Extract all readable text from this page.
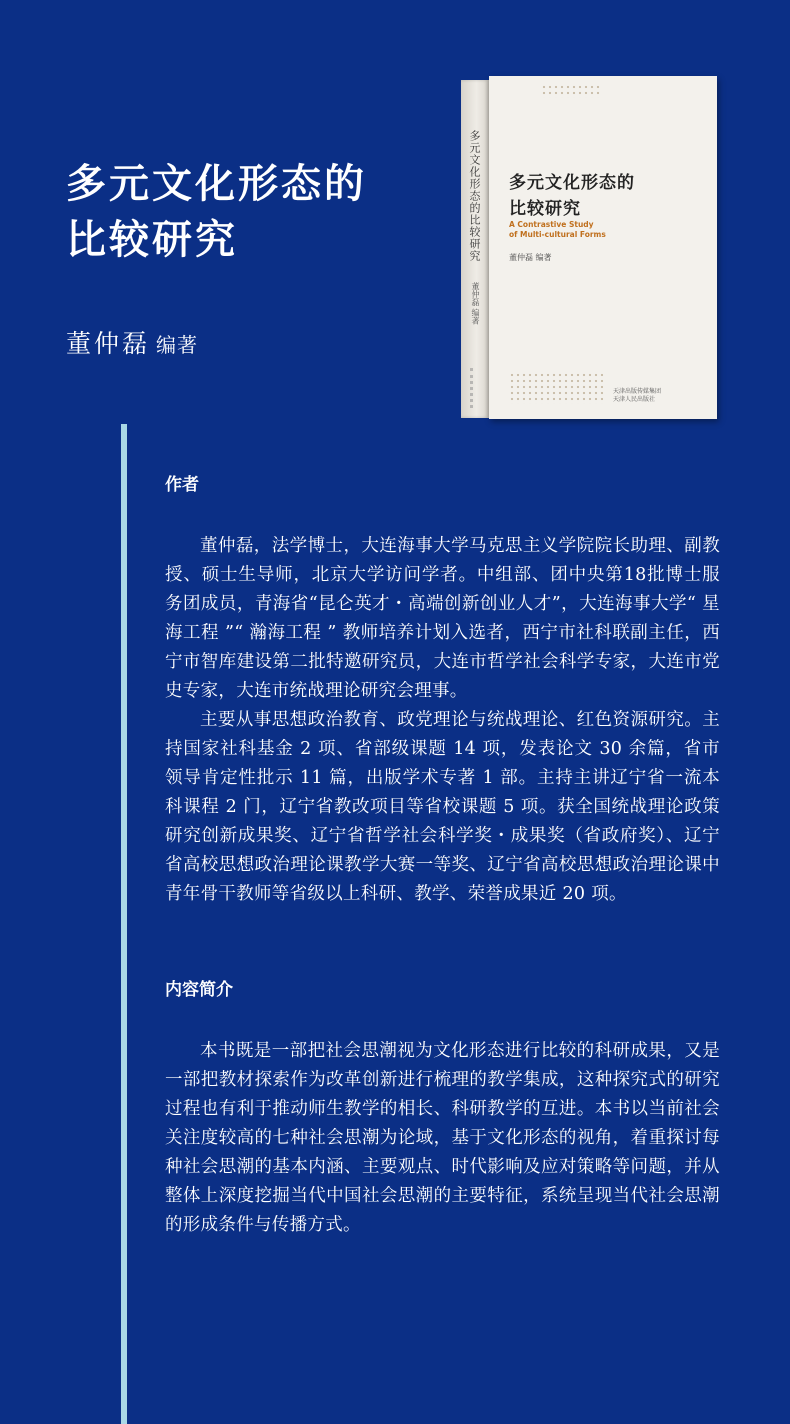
多元文化形态的
比较研究
董仲磊 编著
多元文化形态的比较研究
董仲磊 编著
多元文化形态的
比较研究
A Contrastive Study
of Multi-cultural Forms
董仲磊 编著
天津出版传媒集团
天津人民出版社
作者

董仲磊，法学博士，大连海事大学马克思主义学院院长助理、副教授、硕士生导师，北京大学访问学者。中组部、团中央第18批博士服务团成员，青海省“昆仑英才・高端创新创业人才”，大连海事大学“ 星海工程 ”“ 瀚海工程 ” 教师培养计划入选者，西宁市社科联副主任，西宁市智库建设第二批特邀研究员，大连市哲学社会科学专家，大连市党史专家，大连市统战理论研究会理事。

主要从事思想政治教育、政党理论与统战理论、红色资源研究。主持国家社科基金 2 项、省部级课题 14 项，发表论文 30 余篇，省市领导肯定性批示 11 篇，出版学术专著 1 部。主持主讲辽宁省一流本科课程 2 门，辽宁省教改项目等省校课题 5 项。获全国统战理论政策研究创新成果奖、辽宁省哲学社会科学奖・成果奖（省政府奖）、辽宁省高校思想政治理论课教学大赛一等奖、辽宁省高校思想政治理论课中青年骨干教师等省级以上科研、教学、荣誉成果近 20 项。

内容简介

本书既是一部把社会思潮视为文化形态进行比较的科研成果，又是一部把教材探索作为改革创新进行梳理的教学集成，这种探究式的研究过程也有利于推动师生教学的相长、科研教学的互进。本书以当前社会关注度较高的七种社会思潮为论域，基于文化形态的视角，着重探讨每种社会思潮的基本内涵、主要观点、时代影响及应对策略等问题，并从整体上深度挖掘当代中国社会思潮的主要特征，系统呈现当代社会思潮的形成条件与传播方式。
